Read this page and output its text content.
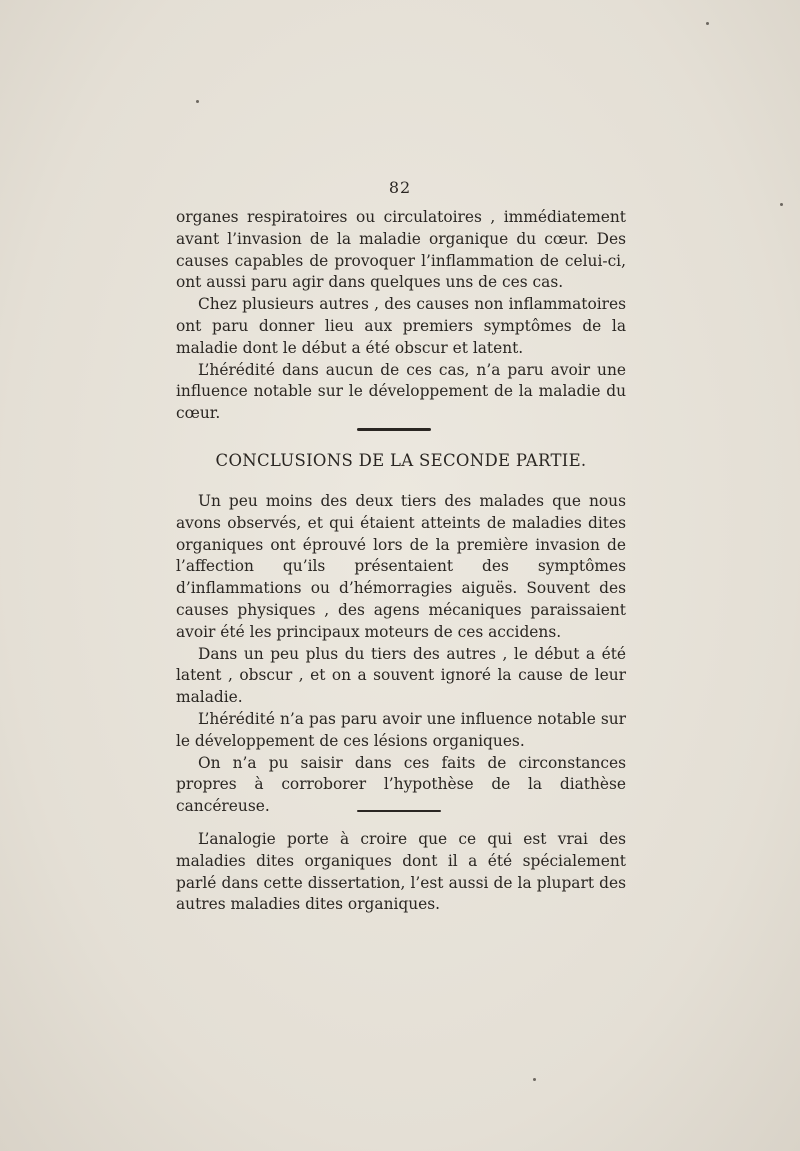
82

organes respiratoires ou circulatoires , immédiatement avant l’invasion de la maladie organique du cœur. Des causes capables de provoquer l’inflammation de celui-ci, ont aussi paru agir dans quelques uns de ces cas.

Chez plusieurs autres , des causes non inflammatoires ont paru donner lieu aux premiers symptômes de la maladie dont le début a été obscur et latent.

L’hérédité dans aucun de ces cas, n’a paru avoir une influence notable sur le développement de la maladie du cœur.

CONCLUSIONS DE LA SECONDE PARTIE.

Un peu moins des deux tiers des malades que nous avons observés, et qui étaient atteints de maladies dites organiques ont éprouvé lors de la première invasion de l’affection qu’ils présentaient des symptômes d’inflammations ou d’hémorragies aiguës. Souvent des causes physiques , des agens mécaniques paraissaient avoir été les principaux moteurs de ces accidens.

Dans un peu plus du tiers des autres , le début a été latent , obscur , et on a souvent ignoré la cause de leur maladie.

L’hérédité n’a pas paru avoir une influence notable sur le développement de ces lésions organiques.

On n’a pu saisir dans ces faits de circonstances propres à corroborer l’hypothèse de la diathèse cancéreuse.

L’analogie porte à croire que ce qui est vrai des maladies dites organiques dont il a été spécialement parlé dans cette dissertation, l’est aussi de la plupart des autres maladies dites organiques.
